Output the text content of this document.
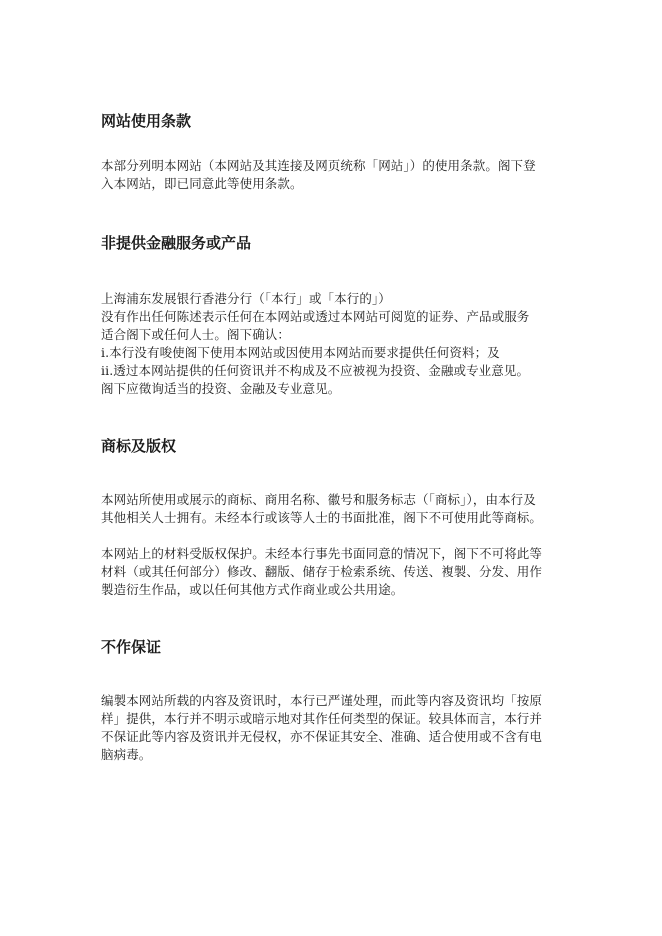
网站使用条款
本部分列明本网站（本网站及其连接及网页统称「网站」）的使用条款。阁下登
入本网站，即已同意此等使用条款。
非提供金融服务或产品
上海浦东发展银行香港分行（「本行」或「本行的」）
没有作出任何陈述表示任何在本网站或透过本网站可阅览的证券、产品或服务
适合阁下或任何人士。阁下确认：
i.本行没有唆使阁下使用本网站或因使用本网站而要求提供任何资料；及
ii.透过本网站提供的任何资讯并不构成及不应被视为投资、金融或专业意见。
阁下应徵询适当的投资、金融及专业意见。
商标及版权
本网站所使用或展示的商标、商用名称、徽号和服务标志（「商标」），由本行及
其他相关人士拥有。未经本行或该等人士的书面批准，阁下不可使用此等商标。
本网站上的材料受版权保护。未经本行事先书面同意的情况下，阁下不可将此等
材料（或其任何部分）修改、翻版、储存于检索系统、传送、複製、分发、用作
製造衍生作品，或以任何其他方式作商业或公共用途。
不作保证
编製本网站所载的内容及资讯时，本行已严谨处理，而此等内容及资讯均「按原
样」提供，本行并不明示或暗示地对其作任何类型的保证。较具体而言，本行并
不保证此等内容及资讯并无侵权，亦不保证其安全、准确、适合使用或不含有电
脑病毒。
